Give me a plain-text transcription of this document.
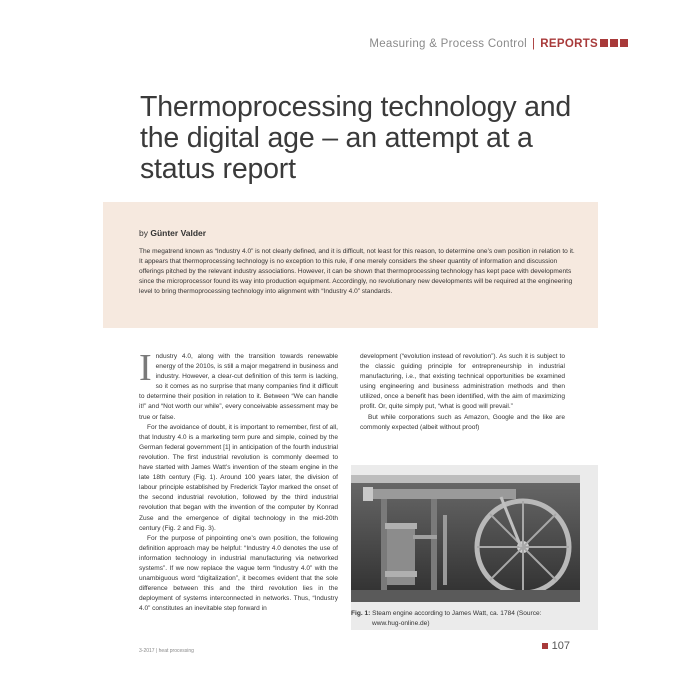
Measuring & Process Control | REPORTS
Thermoprocessing technology and the digital age – an attempt at a status report
by Günter Valder

The megatrend known as “Industry 4.0” is not clearly defined, and it is difficult, not least for this reason, to determine one’s own position in relation to it. It appears that thermoprocessing technology is no exception to this rule, if one merely considers the sheer quantity of information and discussion offerings pitched by the relevant industry associations. However, it can be shown that thermoprocessing technology has kept pace with developments since the microprocessor found its way into production equipment. Accordingly, no revolutionary new developments will be required at the engineering level to bring thermoprocessing technology into alignment with “Industry 4.0” standards.

Industry 4.0, along with the transition towards renewable energy of the 2010s, is still a major megatrend in business and industry. However, a clear-cut definition of this term is lacking, so it comes as no surprise that many companies find it difficult to determine their position in relation to it. Between “We can handle it!” and “Not worth our while”, every conceivable assessment may be true or false.

For the avoidance of doubt, it is important to remember, first of all, that Industry 4.0 is a marketing term pure and simple, coined by the German federal government [1] in anticipation of the fourth industrial revolution. The first industrial revolution is commonly deemed to have started with James Watt’s invention of the steam engine in the late 18th century (Fig. 1). Around 100 years later, the division of labour principle established by Frederick Taylor marked the onset of the second industrial revolution, followed by the third industrial revolution that began with the invention of the computer by Konrad Zuse and the emergence of digital technology in the mid-20th century (Fig. 2 and Fig. 3).

For the purpose of pinpointing one’s own position, the following definition approach may be helpful: “Industry 4.0 denotes the use of information technology in industrial manufacturing via networked systems”. If we now replace the vague term “Industry 4.0” with the unambiguous word “digitalization”, it becomes evident that the sole difference between this and the third revolution lies in the deployment of systems interconnected in networks. Thus, “Industry 4.0” constitutes an inevitable step forward in

development (“evolution instead of revolution”). As such it is subject to the classic guiding principle for entrepreneurship in industrial manufacturing, i.e., that existing technical opportunities be examined using engineering and business administration methods and then utilized, once a benefit has been identified, with the aim of maximizing profit. Or, quite simply put, “what is good will prevail.”

But while corporations such as Amazon, Google and the like are commonly expected (albeit without proof)

Fig. 1: Steam engine according to James Watt, ca. 1784 (Source:
www.hug-online.de)
3-2017 | heat processing	107
